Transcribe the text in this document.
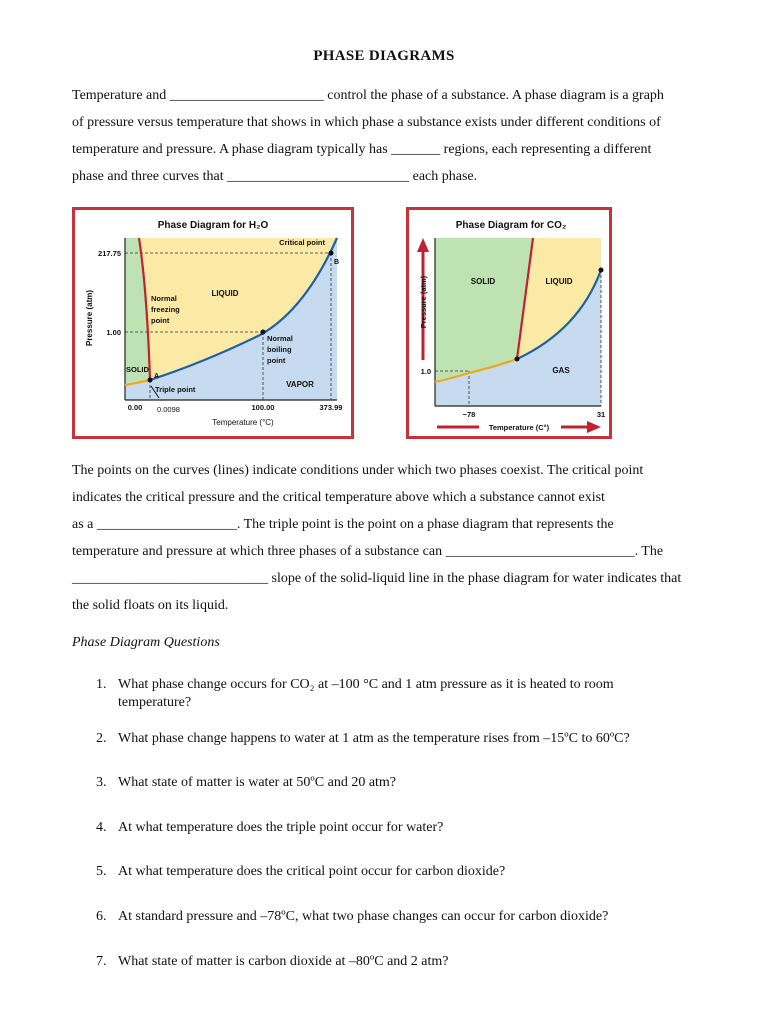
PHASE DIAGRAMS
Temperature and ______________________ control the phase of a substance. A phase diagram is a graph
of pressure versus temperature that shows in which phase a substance exists under different conditions of
temperature and pressure. A phase diagram typically has _______ regions, each representing a different
phase and three curves that __________________________ each phase.
Phase Diagram for H₂O
Pressure (atm)
217.75
1.00
0.00 0.0098	100.00	373.99
Temperature (°C)
Critical point
B
LIQUID
Normal
freezing
point
Normal
boiling
point
SOLID
A
Triple point
VAPOR
Phase Diagram for CO₂
Pressure (atm)
1.0
−78	31
Temperature (C°)
SOLID	LIQUID
GAS
The points on the curves (lines) indicate conditions under which two phases coexist. The critical point
indicates the critical pressure and the critical temperature above which a substance cannot exist
as a ____________________. The triple point is the point on a phase diagram that represents the
temperature and pressure at which three phases of a substance can ___________________________. The
____________________________ slope of the solid-liquid line in the phase diagram for water indicates that
the solid floats on its liquid.
Phase Diagram Questions
1. What phase change occurs for CO₂ at –100 °C and 1 atm pressure as it is heated to room temperature?
2. What phase change happens to water at 1 atm as the temperature rises from –15ºC to 60ºC?
3. What state of matter is water at 50ºC and 20 atm?
4. At what temperature does the triple point occur for water?
5. At what temperature does the critical point occur for carbon dioxide?
6. At standard pressure and –78ºC, what two phase changes can occur for carbon dioxide?
7. What state of matter is carbon dioxide at –80ºC and 2 atm?
